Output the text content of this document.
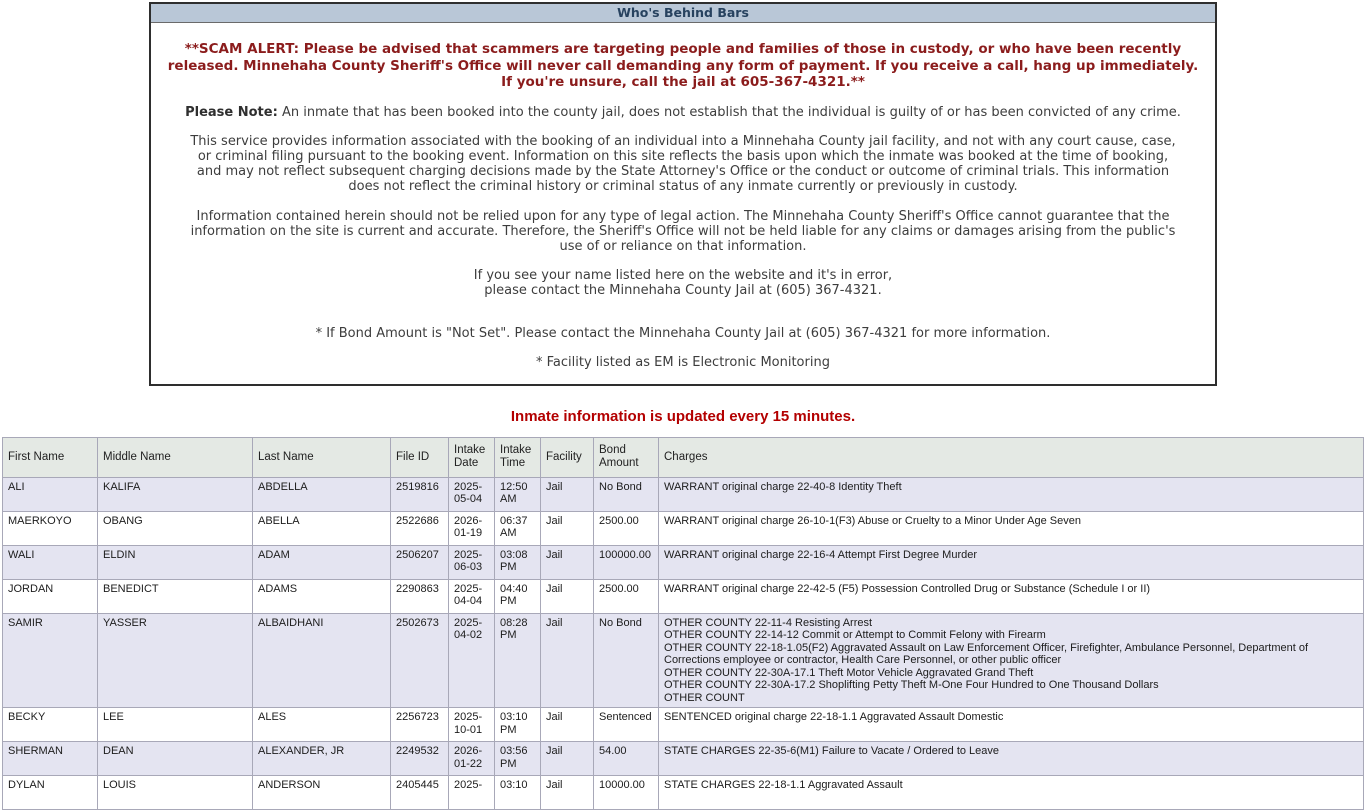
Who's Behind Bars

**SCAM ALERT: Please be advised that scammers are targeting people and families of those in custody, or who have been recently released. Minnehaha County Sheriff's Office will never call demanding any form of payment. If you receive a call, hang up immediately. If you're unsure, call the jail at 605-367-4321.**

Please Note: An inmate that has been booked into the county jail, does not establish that the individual is guilty of or has been convicted of any crime.

This service provides information associated with the booking of an individual into a Minnehaha County jail facility, and not with any court cause, case, or criminal filing pursuant to the booking event. Information on this site reflects the basis upon which the inmate was booked at the time of booking, and may not reflect subsequent charging decisions made by the State Attorney's Office or the conduct or outcome of criminal trials. This information does not reflect the criminal history or criminal status of any inmate currently or previously in custody.

Information contained herein should not be relied upon for any type of legal action. The Minnehaha County Sheriff's Office cannot guarantee that the information on the site is current and accurate. Therefore, the Sheriff's Office will not be held liable for any claims or damages arising from the public's use of or reliance on that information.

If you see your name listed here on the website and it's in error,
please contact the Minnehaha County Jail at (605) 367-4321.

* If Bond Amount is "Not Set". Please contact the Minnehaha County Jail at (605) 367-4321 for more information.

* Facility listed as EM is Electronic Monitoring

Inmate information is updated every 15 minutes.
First Name	Middle Name	Last Name	File ID	Intake Date	Intake Time	Facility	Bond Amount	Charges
ALI	KALIFA	ABDELLA	2519816	2025-05-04	12:50 AM	Jail	No Bond	WARRANT original charge 22-40-8 Identity Theft

MAERKOYO	OBANG	ABELLA	2522686	2026-01-19	06:37 AM	Jail	2500.00	WARRANT original charge 26-10-1(F3) Abuse or Cruelty to a Minor Under Age Seven

WALI	ELDIN	ADAM	2506207	2025-06-03	03:08 PM	Jail	100000.00	WARRANT original charge 22-16-4 Attempt First Degree Murder

JORDAN	BENEDICT	ADAMS	2290863	2025-04-04	04:40 PM	Jail	2500.00	WARRANT original charge 22-42-5 (F5) Possession Controlled Drug or Substance (Schedule I or II)

SAMIR	YASSER	ALBAIDHANI	2502673	2025-04-02	08:28 PM	Jail	No Bond	OTHER COUNTY 22-11-4 Resisting Arrest
OTHER COUNTY 22-14-12 Commit or Attempt to Commit Felony with Firearm
OTHER COUNTY 22-18-1.05(F2) Aggravated Assault on Law Enforcement Officer, Firefighter, Ambulance Personnel, Department of Corrections employee or contractor, Health Care Personnel, or other public officer
OTHER COUNTY 22-30A-17.1 Theft Motor Vehicle Aggravated Grand Theft
OTHER COUNTY 22-30A-17.2 Shoplifting Petty Theft M-One Four Hundred to One Thousand Dollars
OTHER COUNT

BECKY	LEE	ALES	2256723	2025-10-01	03:10 PM	Jail	Sentenced	SENTENCED original charge 22-18-1.1 Aggravated Assault Domestic

SHERMAN	DEAN	ALEXANDER, JR	2249532	2026-01-22	03:56 PM	Jail	54.00	STATE CHARGES 22-35-6(M1) Failure to Vacate / Ordered to Leave

DYLAN	LOUIS	ANDERSON	2405445	2025-	03:10	Jail	10000.00	STATE CHARGES 22-18-1.1 Aggravated Assault
